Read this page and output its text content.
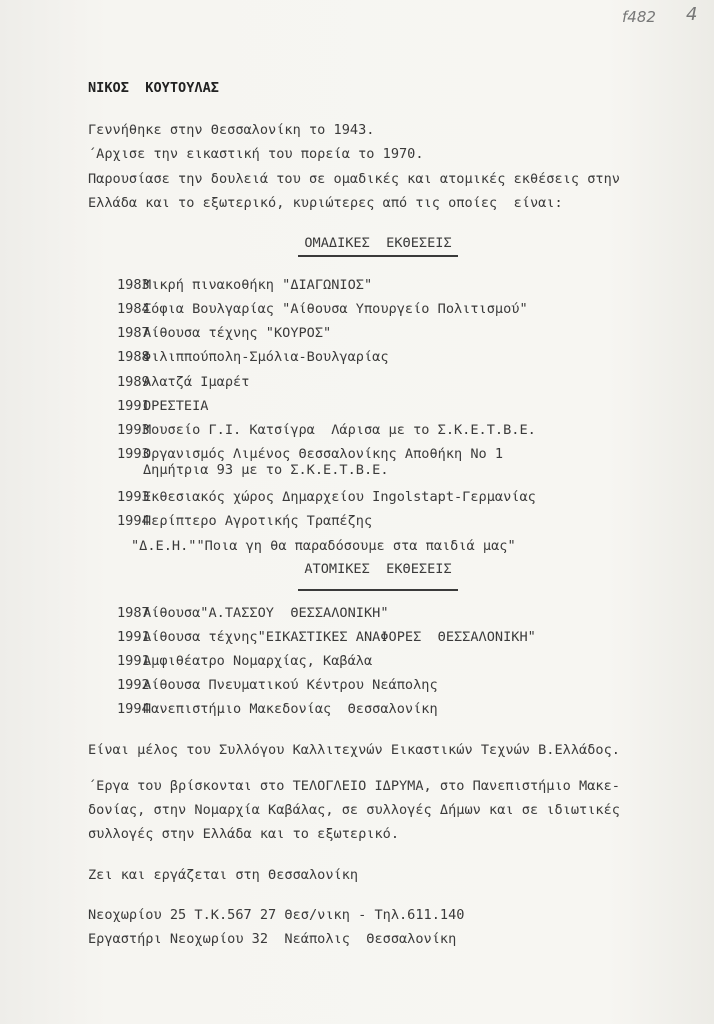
f482 4
ΝΙΚΟΣ  ΚΟΥΤΟΥΛΑΣ
Γεννήθηκε στην Θεσσαλονίκη το 1943.
΄Αρχισε την εικαστική του πορεία το 1970.
Παρουσίασε την δουλειά του σε ομαδικές και ατομικές εκθέσεις στην
Ελλάδα και το εξωτερικό, κυριώτερες από τις οποίες  είναι:
ΟΜΑΔΙΚΕΣ  ΕΚΘΕΣΕΙΣ
1983
Μικρή πινακοθήκη "ΔΙΑΓΩΝΙΟΣ"
1984
Σόφια Βουλγαρίας "Αίθουσα Υπουργείο Πολιτισμού"
1987
Αίθουσα τέχνης "ΚΟΥΡΟΣ"
1988
Φιλιππούπολη-Σμόλια-Βουλγαρίας
1989
Αλατζά Ιμαρέτ
1991
ΟΡΕΣΤΕΙΑ
1993
Μουσείο Γ.Ι. Κατσίγρα  Λάρισα με το Σ.Κ.Ε.Τ.Β.Ε.
1993
Οργανισμός Λιμένος Θεσσαλονίκης Αποθήκη Νο 1
Δημήτρια 93 με το Σ.Κ.Ε.Τ.Β.Ε.
1993
Εκθεσιακός χώρος Δημαρχείου Ingolstapt-Γερμανίας
1994
Περίπτερο Αγροτικής Τραπέζης
"Δ.Ε.Η.""Ποια γη θα παραδόσουμε στα παιδιά μας"
ΑΤΟΜΙΚΕΣ  ΕΚΘΕΣΕΙΣ
1987
Αίθουσα"Α.ΤΑΣΣΟΥ  ΘΕΣΣΑΛΟΝΙΚΗ"
1991
Αίθουσα τέχνης"ΕΙΚΑΣΤΙΚΕΣ ΑΝΑΦΟΡΕΣ  ΘΕΣΣΑΛΟΝΙΚΗ"
1991
Αμφιθέατρο Νομαρχίας, Καβάλα
1992
Αίθουσα Πνευματικού Κέντρου Νεάπολης
1994
Πανεπιστήμιο Μακεδονίας  Θεσσαλονίκη
Είναι μέλος του Συλλόγου Καλλιτεχνών Εικαστικών Τεχνών Β.Ελλάδος.
΄Εργα του βρίσκονται στο ΤΕΛΟΓΛΕΙΟ ΙΔΡΥΜΑ, στο Πανεπιστήμιο Μακε-
δονίας, στην Νομαρχία Καβάλας, σε συλλογές Δήμων και σε ιδιωτικές
συλλογές στην Ελλάδα και το εξωτερικό.
Ζει και εργάζεται στη Θεσσαλονίκη
Νεοχωρίου 25 Τ.Κ.567 27 Θεσ/νικη - Τηλ.611.140
Εργαστήρι Νεοχωρίου 32  Νεάπολις  Θεσσαλονίκη
